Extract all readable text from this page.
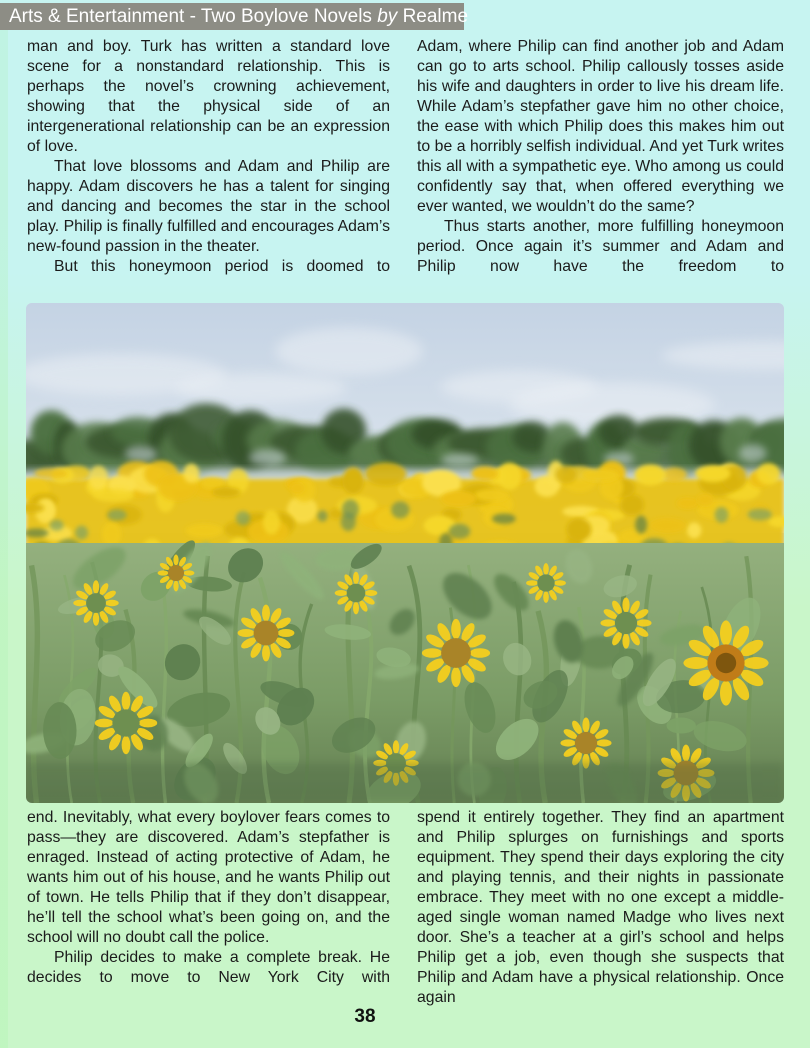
Arts & Entertainment - Two Boylove Novels
by
Realme

man and boy. Turk has written a standard love scene for a nonstandard relationship. This is perhaps the novel’s crowning achievement, showing that the physical side of an intergenerational relationship can be an expression of love.

That love blossoms and Adam and Philip are happy. Adam discovers he has a talent for singing and dancing and becomes the star in the school play. Philip is finally fulfilled and encourages Adam’s new-found passion in the theater.

But this honeymoon period is doomed to

Adam, where Philip can find another job and Adam can go to arts school. Philip callously tosses aside his wife and daughters in order to live his dream life. While Adam’s stepfather gave him no other choice, the ease with which Philip does this makes him out to be a horribly selfish individual. And yet Turk writes this all with a sympathetic eye. Who among us could confidently say that, when offered everything we ever wanted, we wouldn’t do the same?

Thus starts another, more fulfilling honeymoon period. Once again it’s summer and Adam and Philip now have the freedom to

end. Inevitably, what every boylover fears comes to pass—they are discovered. Adam’s stepfather is enraged. Instead of acting protective of Adam, he wants him out of his house, and he wants Philip out of town. He tells Philip that if they don’t disappear, he’ll tell the school what’s been going on, and the school will no doubt call the police.

Philip decides to make a complete break. He decides to move to New York City with

spend it entirely together. They find an apartment and Philip splurges on furnishings and sports equipment. They spend their days exploring the city and playing tennis, and their nights in passionate embrace. They meet with no one except a middle-aged single woman named Madge who lives next door. She’s a teacher at a girl’s school and helps Philip get a job, even though she suspects that Philip and Adam have a physical relationship. Once again

38
